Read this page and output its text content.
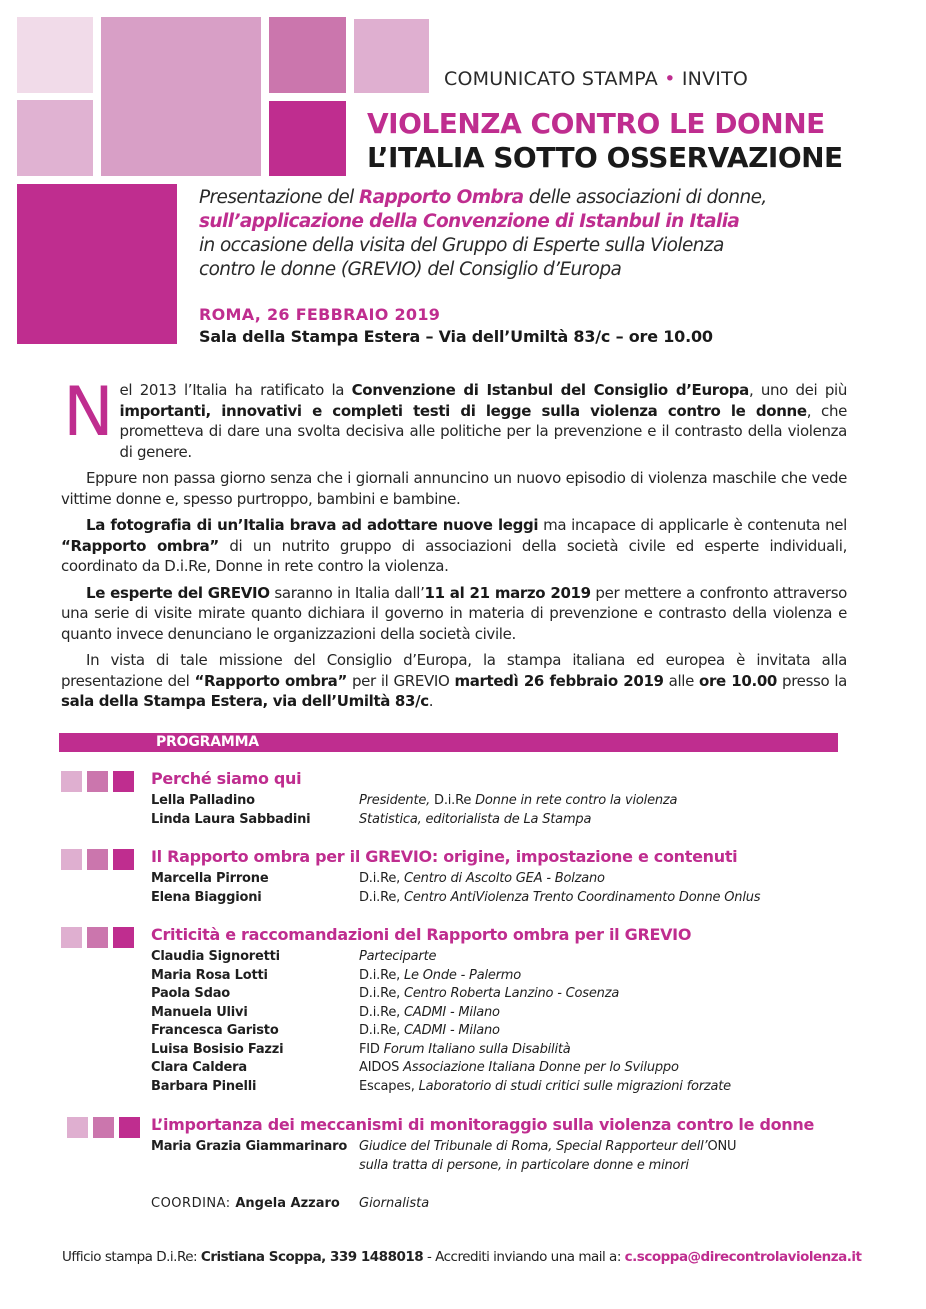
COMUNICATO STAMPA • INVITO
VIOLENZA CONTRO LE DONNE
L’ITALIA SOTTO OSSERVAZIONE
Presentazione del Rapporto Ombra delle associazioni di donne,
sull’applicazione della Convenzione di Istanbul in Italia
in occasione della visita del Gruppo di Esperte sulla Violenza
contro le donne (GREVIO) del Consiglio d’Europa
ROMA, 26 FEBBRAIO 2019
Sala della Stampa Estera – Via dell’Umiltà 83/c – ore 10.00

Nel 2013 l’Italia ha ratificato la Convenzione di Istanbul del Consiglio d’Europa, uno dei più importanti, innovativi e completi testi di legge sulla violenza contro le donne, che prometteva di dare una svolta decisiva alle politiche per la prevenzione e il contrasto della violenza di genere.

Eppure non passa giorno senza che i giornali annuncino un nuovo episodio di violenza maschile che vede vittime donne e, spesso purtroppo, bambini e bambine.

La fotografia di un’Italia brava ad adottare nuove leggi ma incapace di applicarle è contenuta nel “Rapporto ombra” di un nutrito gruppo di associazioni della società civile ed esperte individuali, coordinato da D.i.Re, Donne in rete contro la violenza.

Le esperte del GREVIO saranno in Italia dall’11 al 21 marzo 2019 per mettere a confronto attraverso una serie di visite mirate quanto dichiara il governo in materia di prevenzione e contrasto della violenza e quanto invece denunciano le organizzazioni della società civile.

In vista di tale missione del Consiglio d’Europa, la stampa italiana ed europea è invitata alla presentazione del “Rapporto ombra” per il GREVIO martedì 26 febbraio 2019 alle ore 10.00 presso la sala della Stampa Estera, via dell’Umiltà 83/c.

PROGRAMMA
Perché siamo qui
Lella Palladino	Presidente, D.i.Re Donne in rete contro la violenza
Linda Laura Sabbadini	Statistica, editorialista de La Stampa
Il Rapporto ombra per il GREVIO: origine, impostazione e contenuti
Marcella Pirrone	D.i.Re, Centro di Ascolto GEA - Bolzano
Elena Biaggioni	D.i.Re, Centro AntiViolenza Trento Coordinamento Donne Onlus
Criticità e raccomandazioni del Rapporto ombra per il GREVIO
Claudia Signoretti	Parteciparte
Maria Rosa Lotti	D.i.Re, Le Onde - Palermo
Paola Sdao	D.i.Re, Centro Roberta Lanzino - Cosenza
Manuela Ulivi	D.i.Re, CADMI - Milano
Francesca Garisto	D.i.Re, CADMI - Milano
Luisa Bosisio Fazzi	FID Forum Italiano sulla Disabilità
Clara Caldera	AIDOS Associazione Italiana Donne per lo Sviluppo
Barbara Pinelli	Escapes, Laboratorio di studi critici sulle migrazioni forzate
L’importanza dei meccanismi di monitoraggio sulla violenza contro le donne
Maria Grazia Giammarinaro Giudice del Tribunale di Roma, Special Rapporteur dell’ONU
sulla tratta di persone, in particolare donne e minori
COORDINA: Angela Azzaro Giornalista
Ufficio stampa D.i.Re: Cristiana Scoppa, 339 1488018 - Accrediti inviando una mail a: c.scoppa@direcontrolaviolenza.it
